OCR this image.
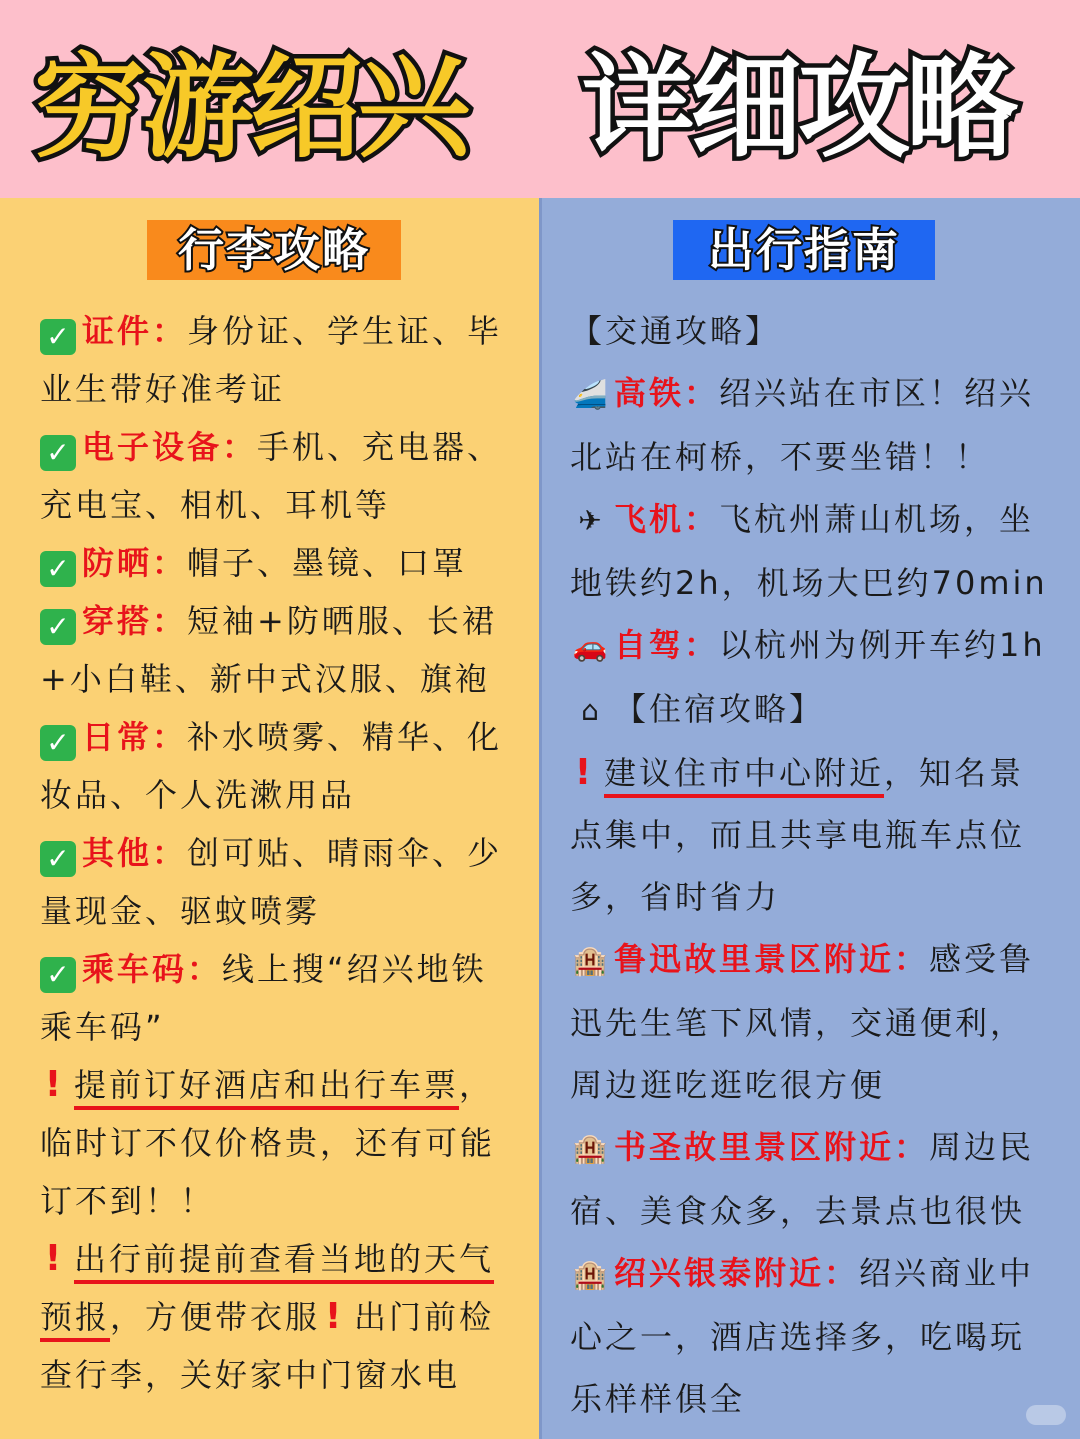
穷游绍兴 详细攻略
行李攻略

✓ 证件：身份证、学生证、毕业生带好准考证

✓ 电子设备：手机、充电器、充电宝、相机、耳机等

✓ 防晒：帽子、墨镜、口罩

✓ 穿搭：短袖+防晒服、长裙+小白鞋、新中式汉服、旗袍

✓ 日常：补水喷雾、精华、化妆品、个人洗漱用品

✓ 其他：创可贴、晴雨伞、少量现金、驱蚊喷雾

✓ 乘车码：线上搜“绍兴地铁乘车码”

! 提前订好酒店和出行车票，临时订不仅价格贵，还有可能订不到！！

! 出行前提前查看当地的天气预报，方便带衣服 ! 出门前检查行李，关好家中门窗水电

出行指南

【交通攻略】

🚄 高铁：绍兴站在市区！绍兴北站在柯桥，不要坐错！！

✈ 飞机：飞杭州萧山机场，坐地铁约2h，机场大巴约70min

🚗 自驾：以杭州为例开车约1h

⌂ 【住宿攻略】

! 建议住市中心附近，知名景点集中，而且共享电瓶车点位多，省时省力

🏨 鲁迅故里景区附近：感受鲁迅先生笔下风情，交通便利，周边逛吃逛吃很方便

🏨 书圣故里景区附近：周边民宿、美食众多，去景点也很快

🏨 绍兴银泰附近：绍兴商业中心之一，酒店选择多，吃喝玩乐样样俱全
